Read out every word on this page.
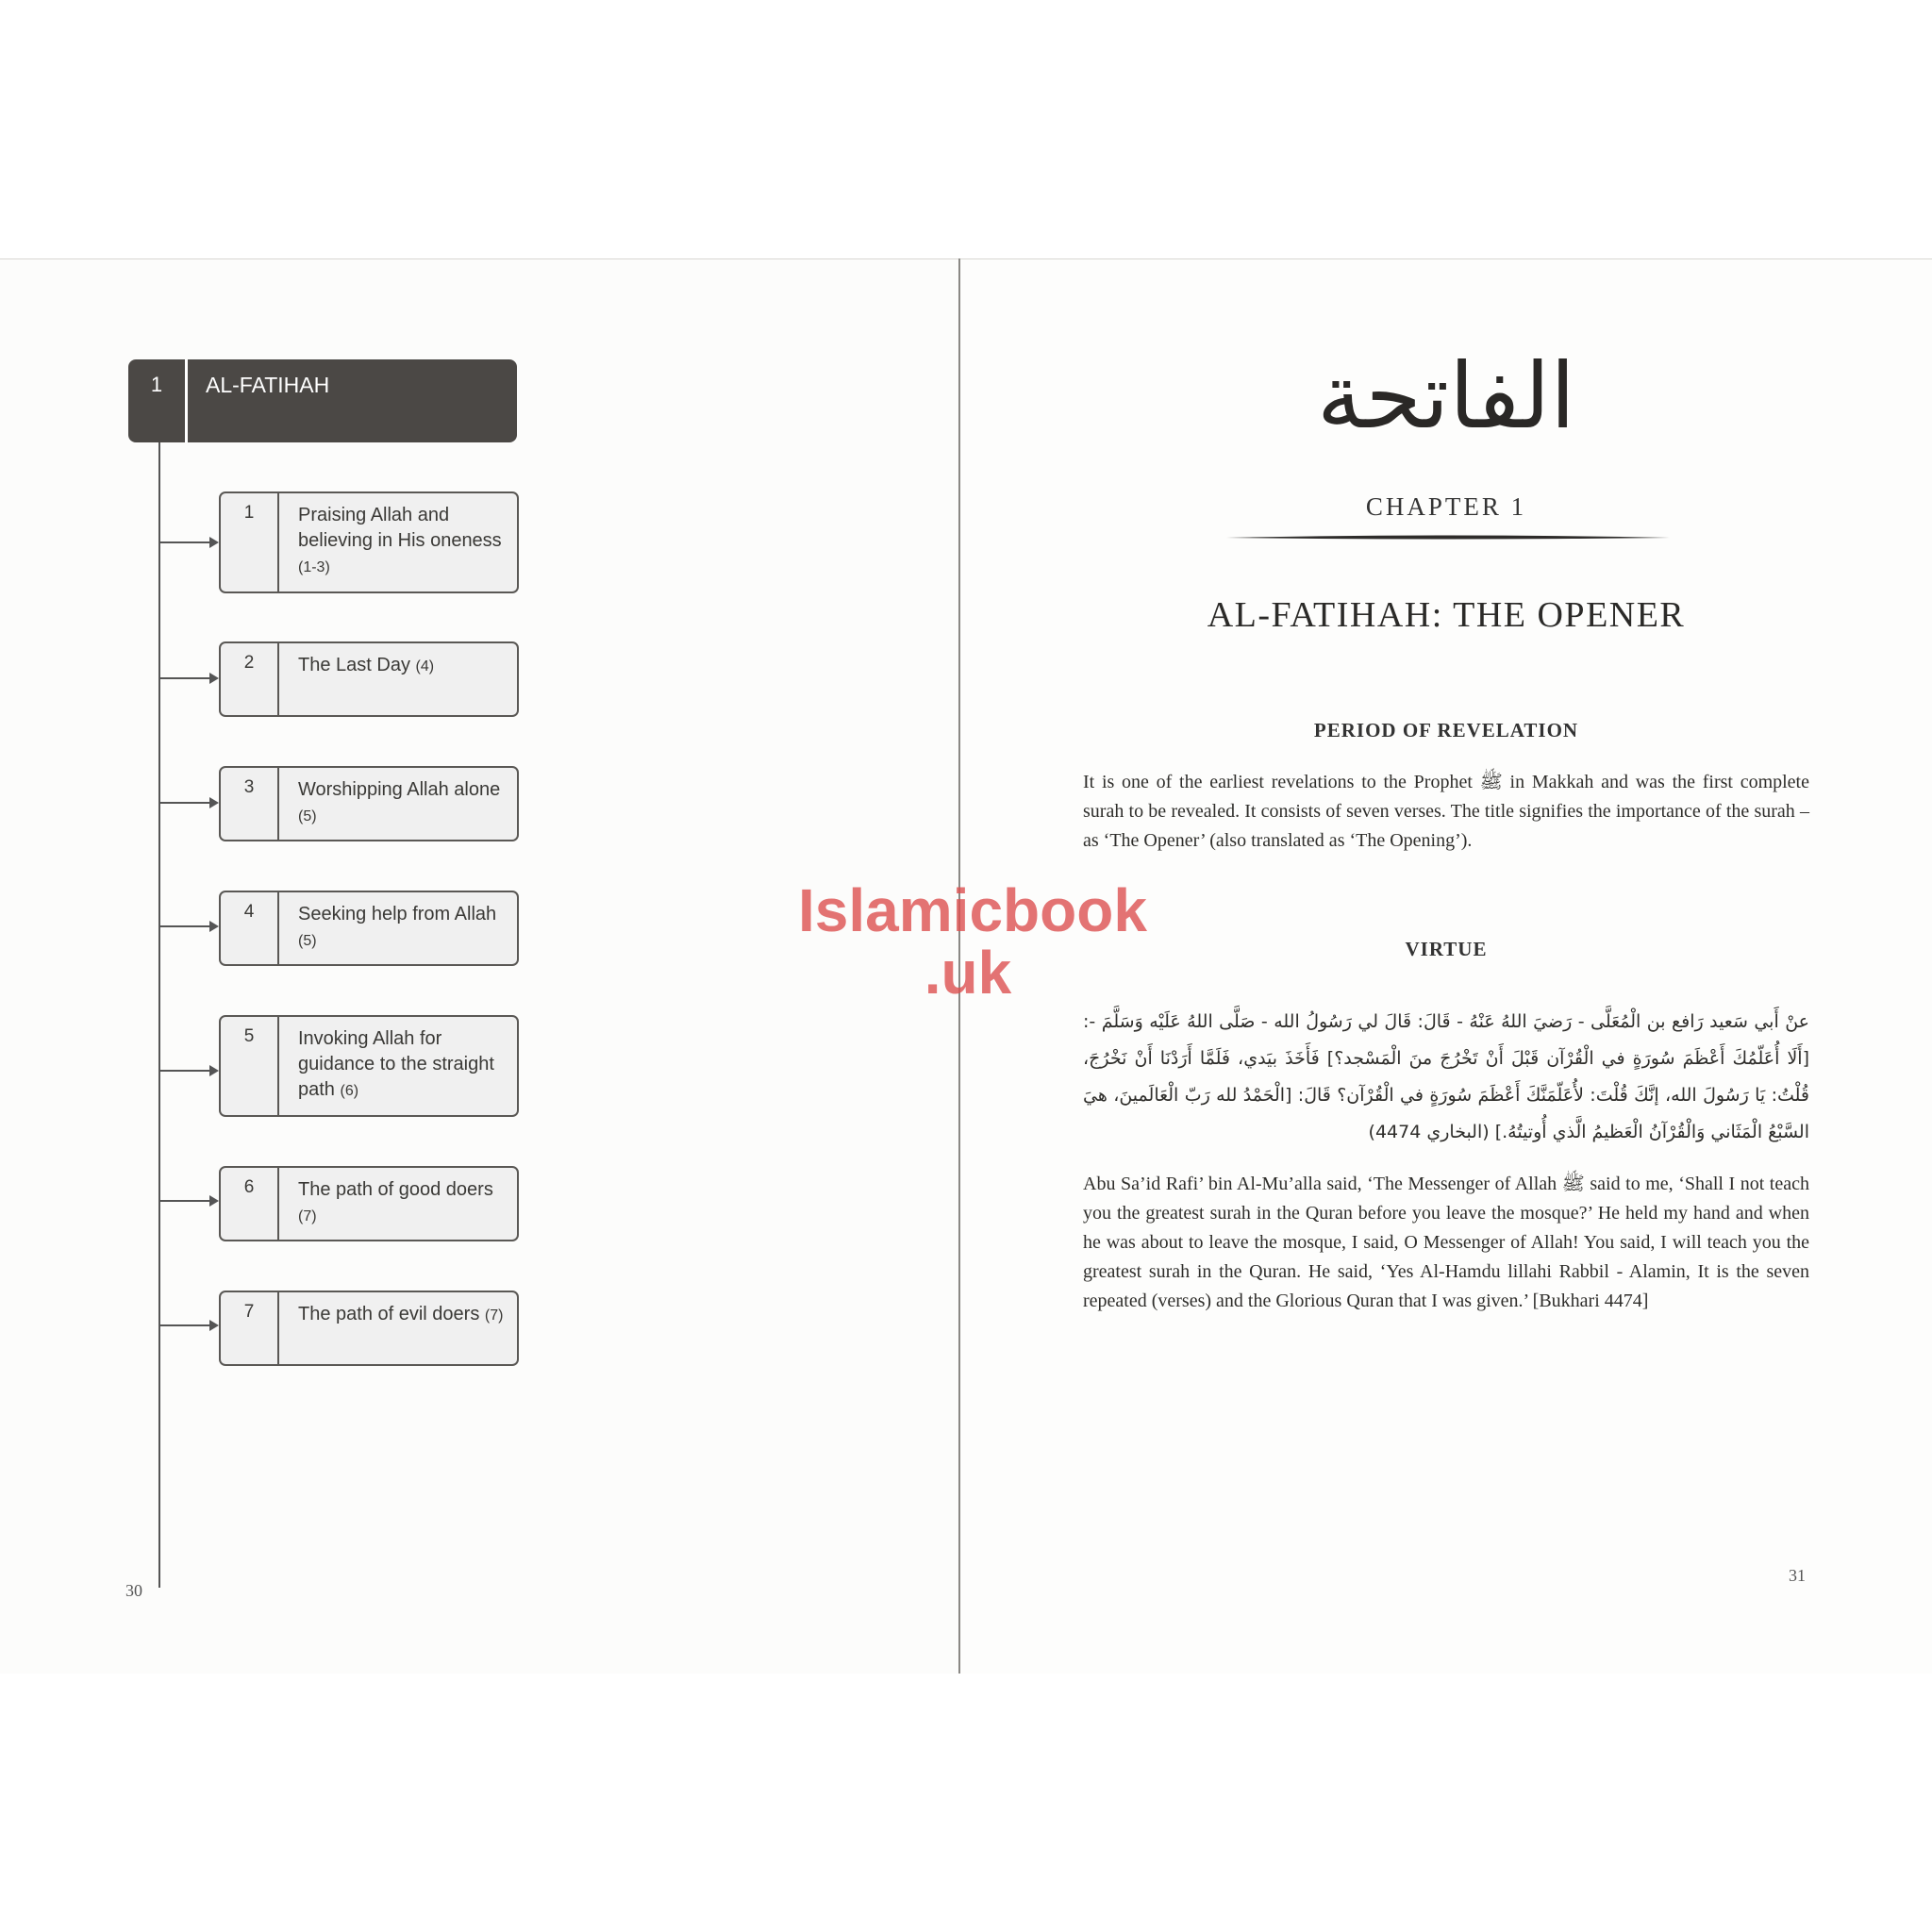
1	AL-FATIHAH
1	Praising Allah and believing in His oneness (1-3)
2	The Last Day (4)
3	Worshipping Allah alone (5)
4	Seeking help from Allah (5)
5	Invoking Allah for guidance to the straight path (6)
6	The path of good doers (7)
7	The path of evil doers (7)
30
الفاتحة
CHAPTER 1
AL-FATIHAH: THE OPENER
PERIOD OF REVELATION
It is one of the earliest revelations to the Prophet ﷺ in Makkah and was the first complete surah to be revealed. It consists of seven verses. The title signifies the importance of the surah – as ‘The Opener’ (also translated as ‘The Opening’).
VIRTUE
عنْ أَبي سَعيد رَافع بن الْمُعَلَّى - رَضيَ اللهُ عَنْهُ - قَالَ: قَالَ لي رَسُولُ الله - صَلَّى اللهُ عَلَيْه وَسَلَّمَ -: [أَلَا أُعَلّمُكَ أَعْظَمَ سُورَةٍ في الْقُرْآن قَبْلَ أَنْ تَخْرُجَ منَ الْمَسْجد؟] فَأَخَذَ بيَدي، فَلَمَّا أَرَدْنَا أَنْ نَخْرُجَ، قُلْتُ: يَا رَسُولَ الله، إنَّكَ قُلْتَ: لأُعَلّمَنَّكَ أَعْظَمَ سُورَةٍ في الْقُرْآن؟ قَالَ: [الْحَمْدُ لله رَبّ الْعَالَمينَ، هيَ السَّبْعُ الْمَثَاني وَالْقُرْآنُ الْعَظيمُ الَّذي أُوتيتُهُ.] (البخاري 4474)
Abu Sa’id Rafi’ bin Al-Mu’alla said, ‘The Messenger of Allah ﷺ said to me, ‘Shall I not teach you the greatest surah in the Quran before you leave the mosque?’ He held my hand and when he was about to leave the mosque, I said, O Messenger of Allah! You said, I will teach you the greatest surah in the Quran. He said, ‘Yes Al-Hamdu lillahi Rabbil - Alamin, It is the seven repeated (verses) and the Glorious Quran that I was given.’ [Bukhari 4474]
31
Islamicbook
.uk
